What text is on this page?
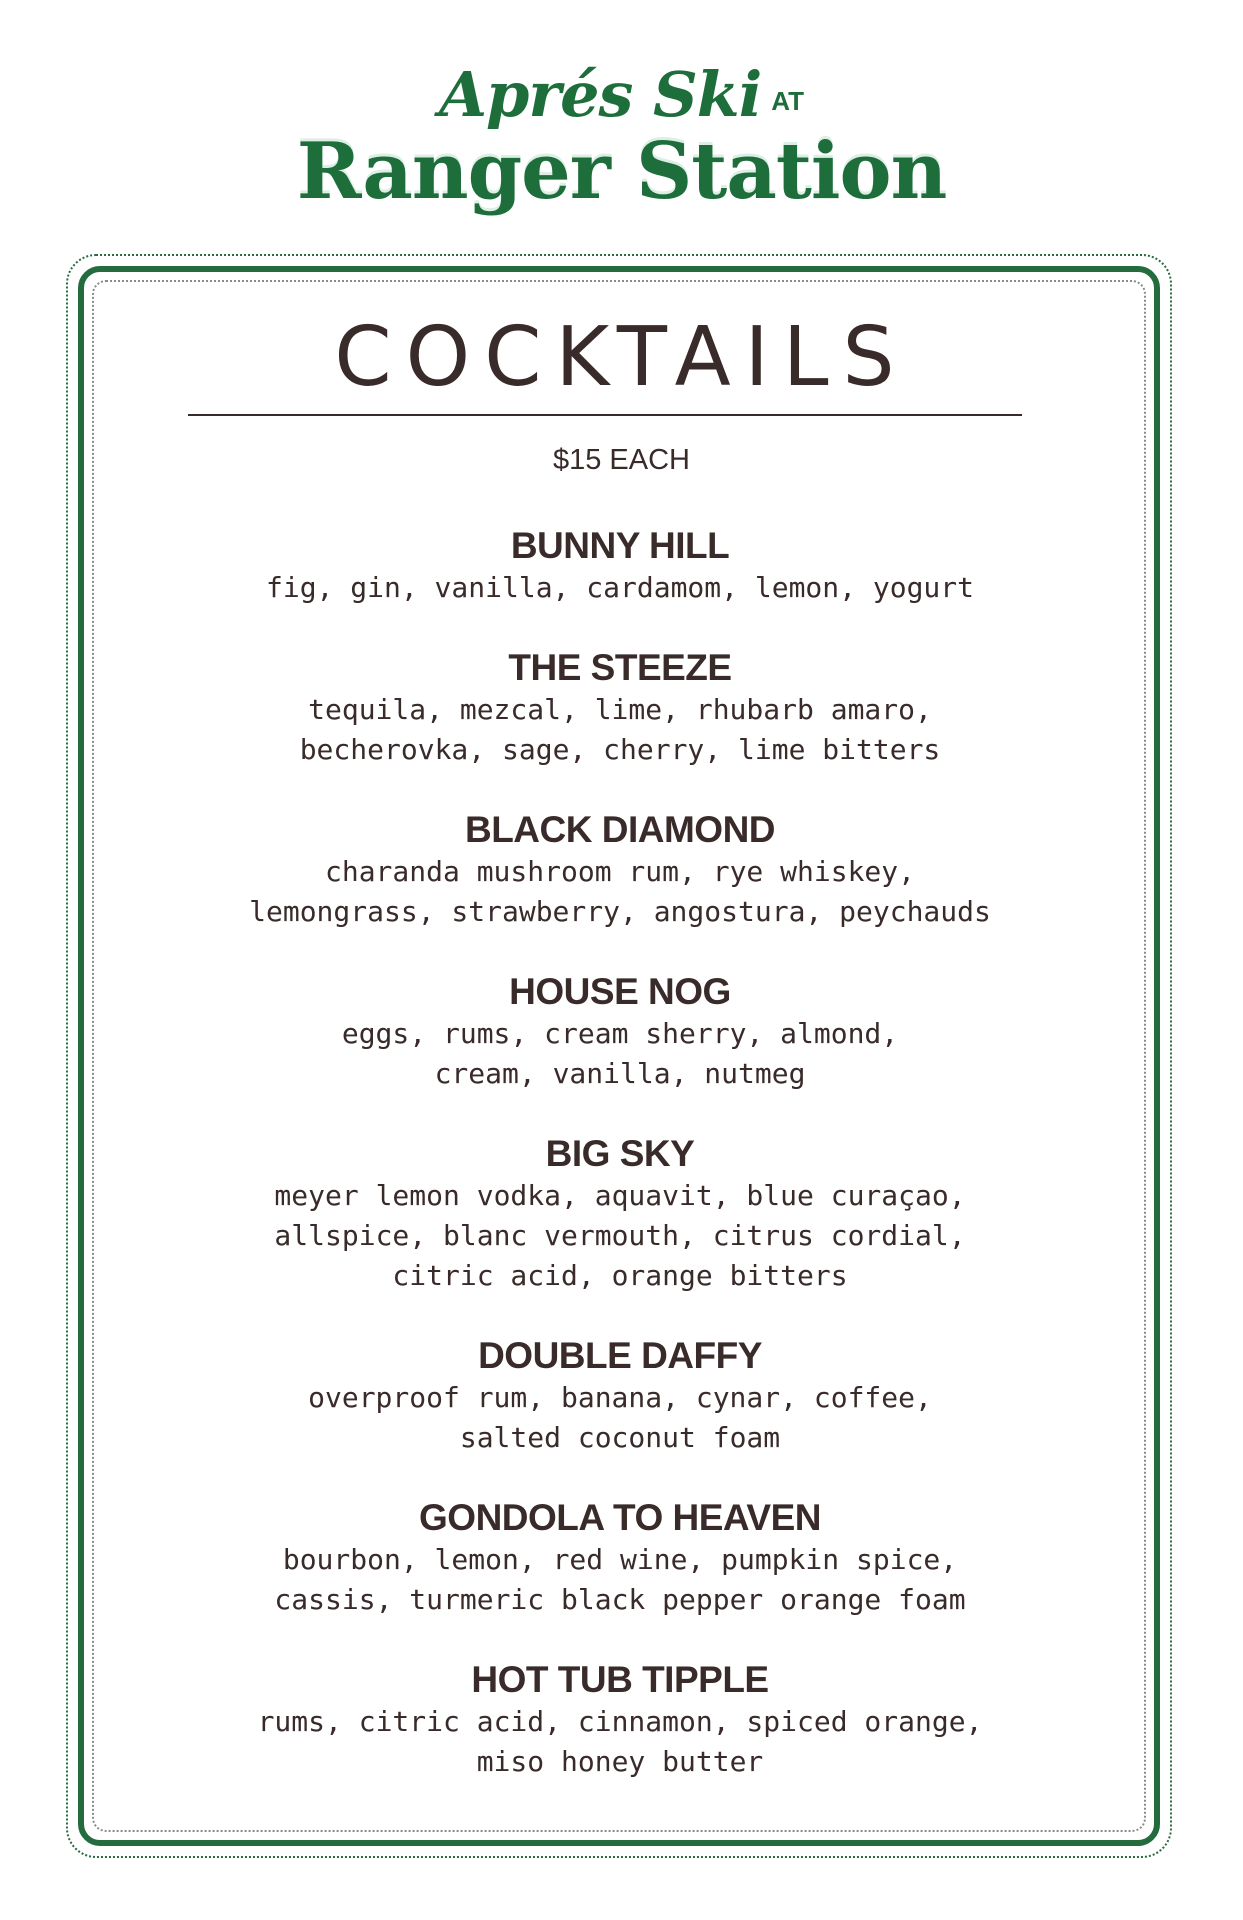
Aprés Ski AT
Ranger Station
COCKTAILS
$15 EACH
BUNNY HILL
fig, gin, vanilla, cardamom, lemon, yogurt
THE STEEZE
tequila, mezcal, lime, rhubarb amaro,
becherovka, sage, cherry, lime bitters
BLACK DIAMOND
charanda mushroom rum, rye whiskey,
lemongrass, strawberry, angostura, peychauds
HOUSE NOG
eggs, rums, cream sherry, almond,
cream, vanilla, nutmeg
BIG SKY
meyer lemon vodka, aquavit, blue curaçao,
allspice, blanc vermouth, citrus cordial,
citric acid, orange bitters
DOUBLE DAFFY
overproof rum, banana, cynar, coffee,
salted coconut foam
GONDOLA TO HEAVEN
bourbon, lemon, red wine, pumpkin spice,
cassis, turmeric black pepper orange foam
HOT TUB TIPPLE
rums, citric acid, cinnamon, spiced orange,
miso honey butter
